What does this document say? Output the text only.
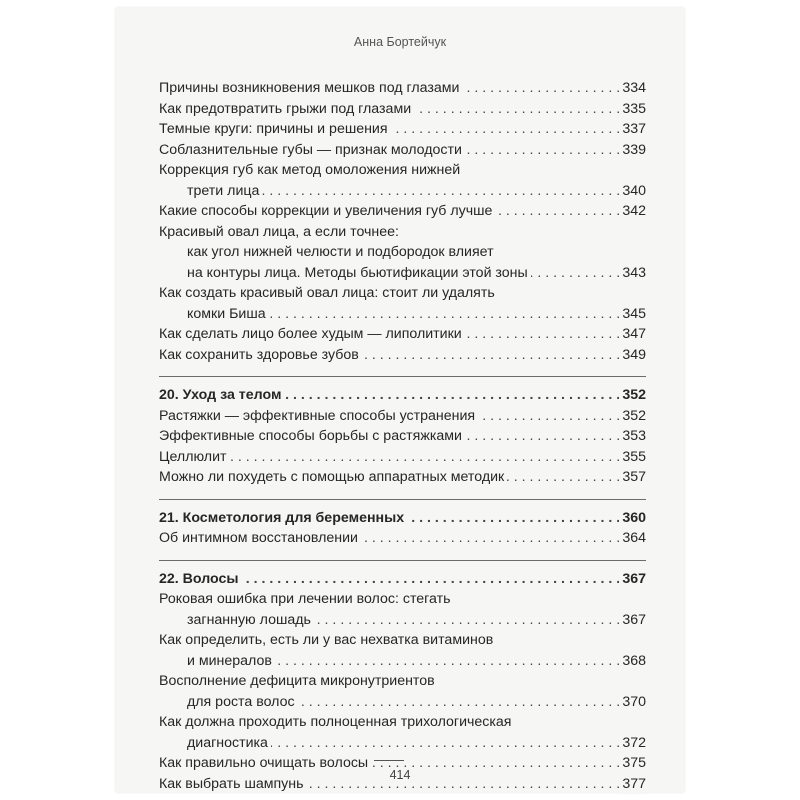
Анна Бортейчук
Причины возникновения мешков под глазами	334
. . .
Как предотвратить грыжи под глазами	335
. . .
Темные круги: причины и решения	337
. . .
Соблазнительные губы — признак молодости	339
. . .
Коррекция губ как метод омоложения нижней
трети лица	340
. . .
Какие способы коррекции и увеличения губ лучше	342
. . .
Красивый овал лица, а если точнее:
как угол нижней челюсти и подбородок влияет
на контуры лица. Методы бьютификации этой зоны	343
. . .
Как создать красивый овал лица: стоит ли удалять
комки Биша	345
. . .
Как сделать лицо более худым — липолитики	347
. . .
Как сохранить здоровье зубов	349
. . .
20. Уход за телом	352
. . .
Растяжки — эффективные способы устранения	352
. . .
Эффективные способы борьбы с растяжками	353
. . .
Целлюлит	355
. . .
Можно ли похудеть с помощью аппаратных методик	357
. . .
21. Косметология для беременных	360
. . .
Об интимном восстановлении	364
. . .
22. Волосы	367
. . .
Роковая ошибка при лечении волос: стегать
загнанную лошадь	367
. . .
Как определить, есть ли у вас нехватка витаминов
и минералов	368
. . .
Восполнение дефицита микронутриентов
для роста волос	370
. . .
Как должна проходить полноценная трихологическая
диагностика	372
. . .
Как правильно очищать волосы	375
. . .
Как выбрать шампунь	377
. . .
414
